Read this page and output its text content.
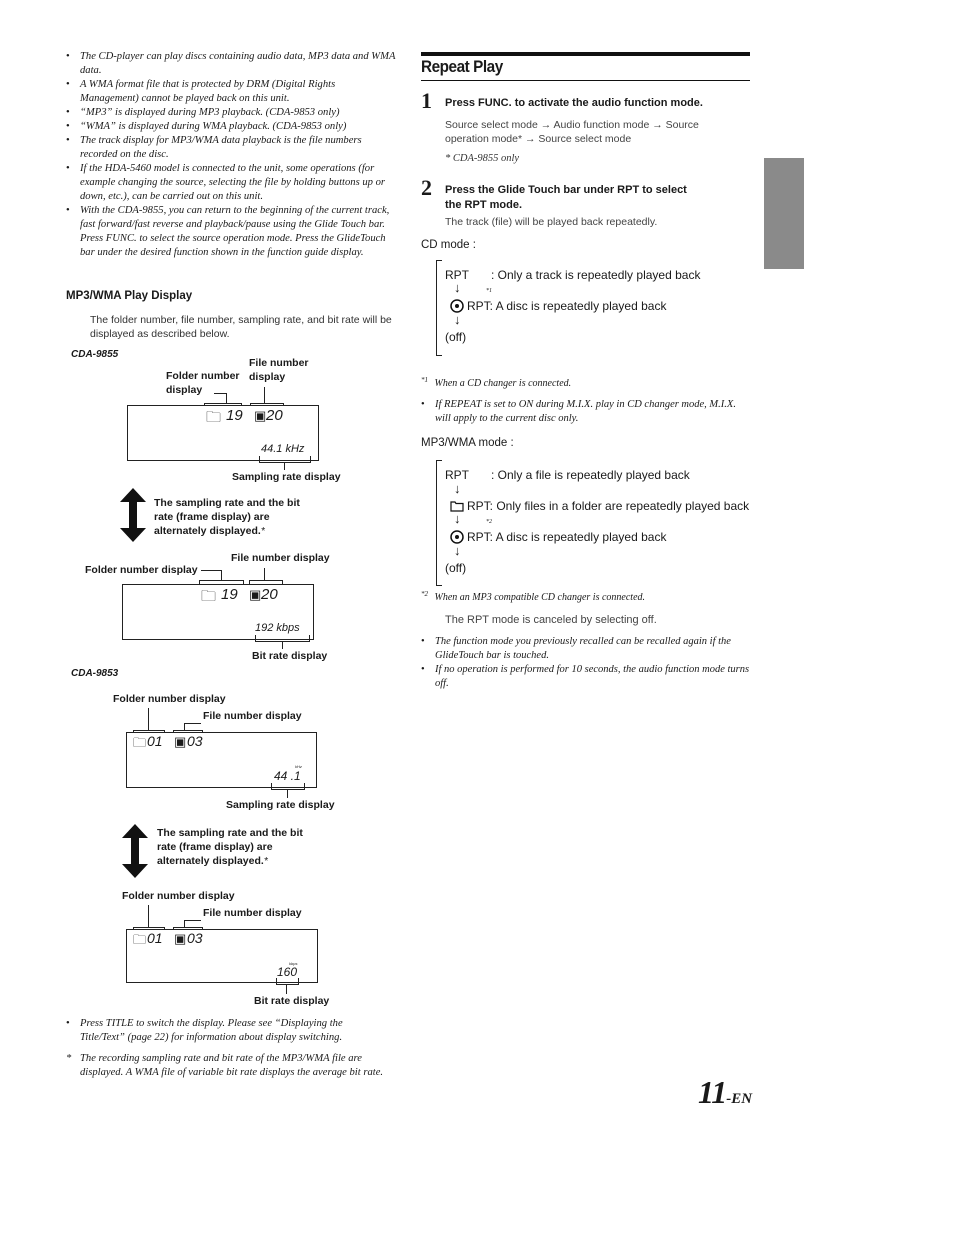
• The CD-player can play discs containing audio data, MP3 data and WMA data.
• A WMA format file that is protected by DRM (Digital Rights Management) cannot be played back on this unit.
• “MP3” is displayed during MP3 playback. (CDA-9853 only)
• “WMA” is displayed during WMA playback. (CDA-9853 only)
• The track display for MP3/WMA data playback is the file numbers recorded on the disc.
• If the HDA-5460 model is connected to the unit, some operations (for example changing the source, selecting the file by holding buttons up or down, etc.), can be carried out on this unit.
• With the CDA-9855, you can return to the beginning of the current track, fast forward/fast reverse and playback/pause using the Glide Touch bar. Press FUNC. to select the source operation mode. Press the GlideTouch bar under the desired function shown in the function guide display.
MP3/WMA Play Display
The folder number, file number, sampling rate, and bit rate will be displayed as described below.
CDA-9855
Folder number display
File number display
🗀 19 ▣ 20
44.1 kHz
Sampling rate display
The sampling rate and the bit rate (frame display) are alternately displayed.*
Folder number display
File number display
🗀 19 ▣ 20
192 kbps
Bit rate display
CDA-9853
Folder number display
File number display
🗀 01 ▣ 03
kHz
44 .1
Sampling rate display
The sampling rate and the bit rate (frame display) are alternately displayed.*
Folder number display
File number display
🗀 01 ▣ 03
kbps
160
Bit rate display
• Press TITLE to switch the display. Please see “Displaying the Title/Text” (page 22) for information about display switching.
* The recording sampling rate and bit rate of the MP3/WMA file are displayed. A WMA file of variable bit rate displays the average bit rate.
Repeat Play
1 Press FUNC. to activate the audio function mode.
Source select mode → Audio function mode → Source
operation mode* → Source select mode
* CDA-9855 only
2 Press the Glide Touch bar under RPT to select
the RPT mode.
The track (file) will be played back repeatedly.
CD mode :
RPT : Only a track is repeatedly played back
↓	*1
RPT: A disc is repeatedly played back
↓
(off)
$^{*1}$ When a CD changer is connected.
• If REPEAT is set to ON during M.I.X. play in CD changer mode, M.I.X. will apply to the current disc only.
MP3/WMA mode :
RPT : Only a file is repeatedly played back
↓
RPT: Only files in a folder are repeatedly played back
↓	*2
RPT: A disc is repeatedly played back
↓
(off)
$^{*2}$ When an MP3 compatible CD changer is connected.
The RPT mode is canceled by selecting off.
• The function mode you previously recalled can be recalled again if the GlideTouch bar is touched.
• If no operation is performed for 10 seconds, the audio function mode turns off.
11-EN
